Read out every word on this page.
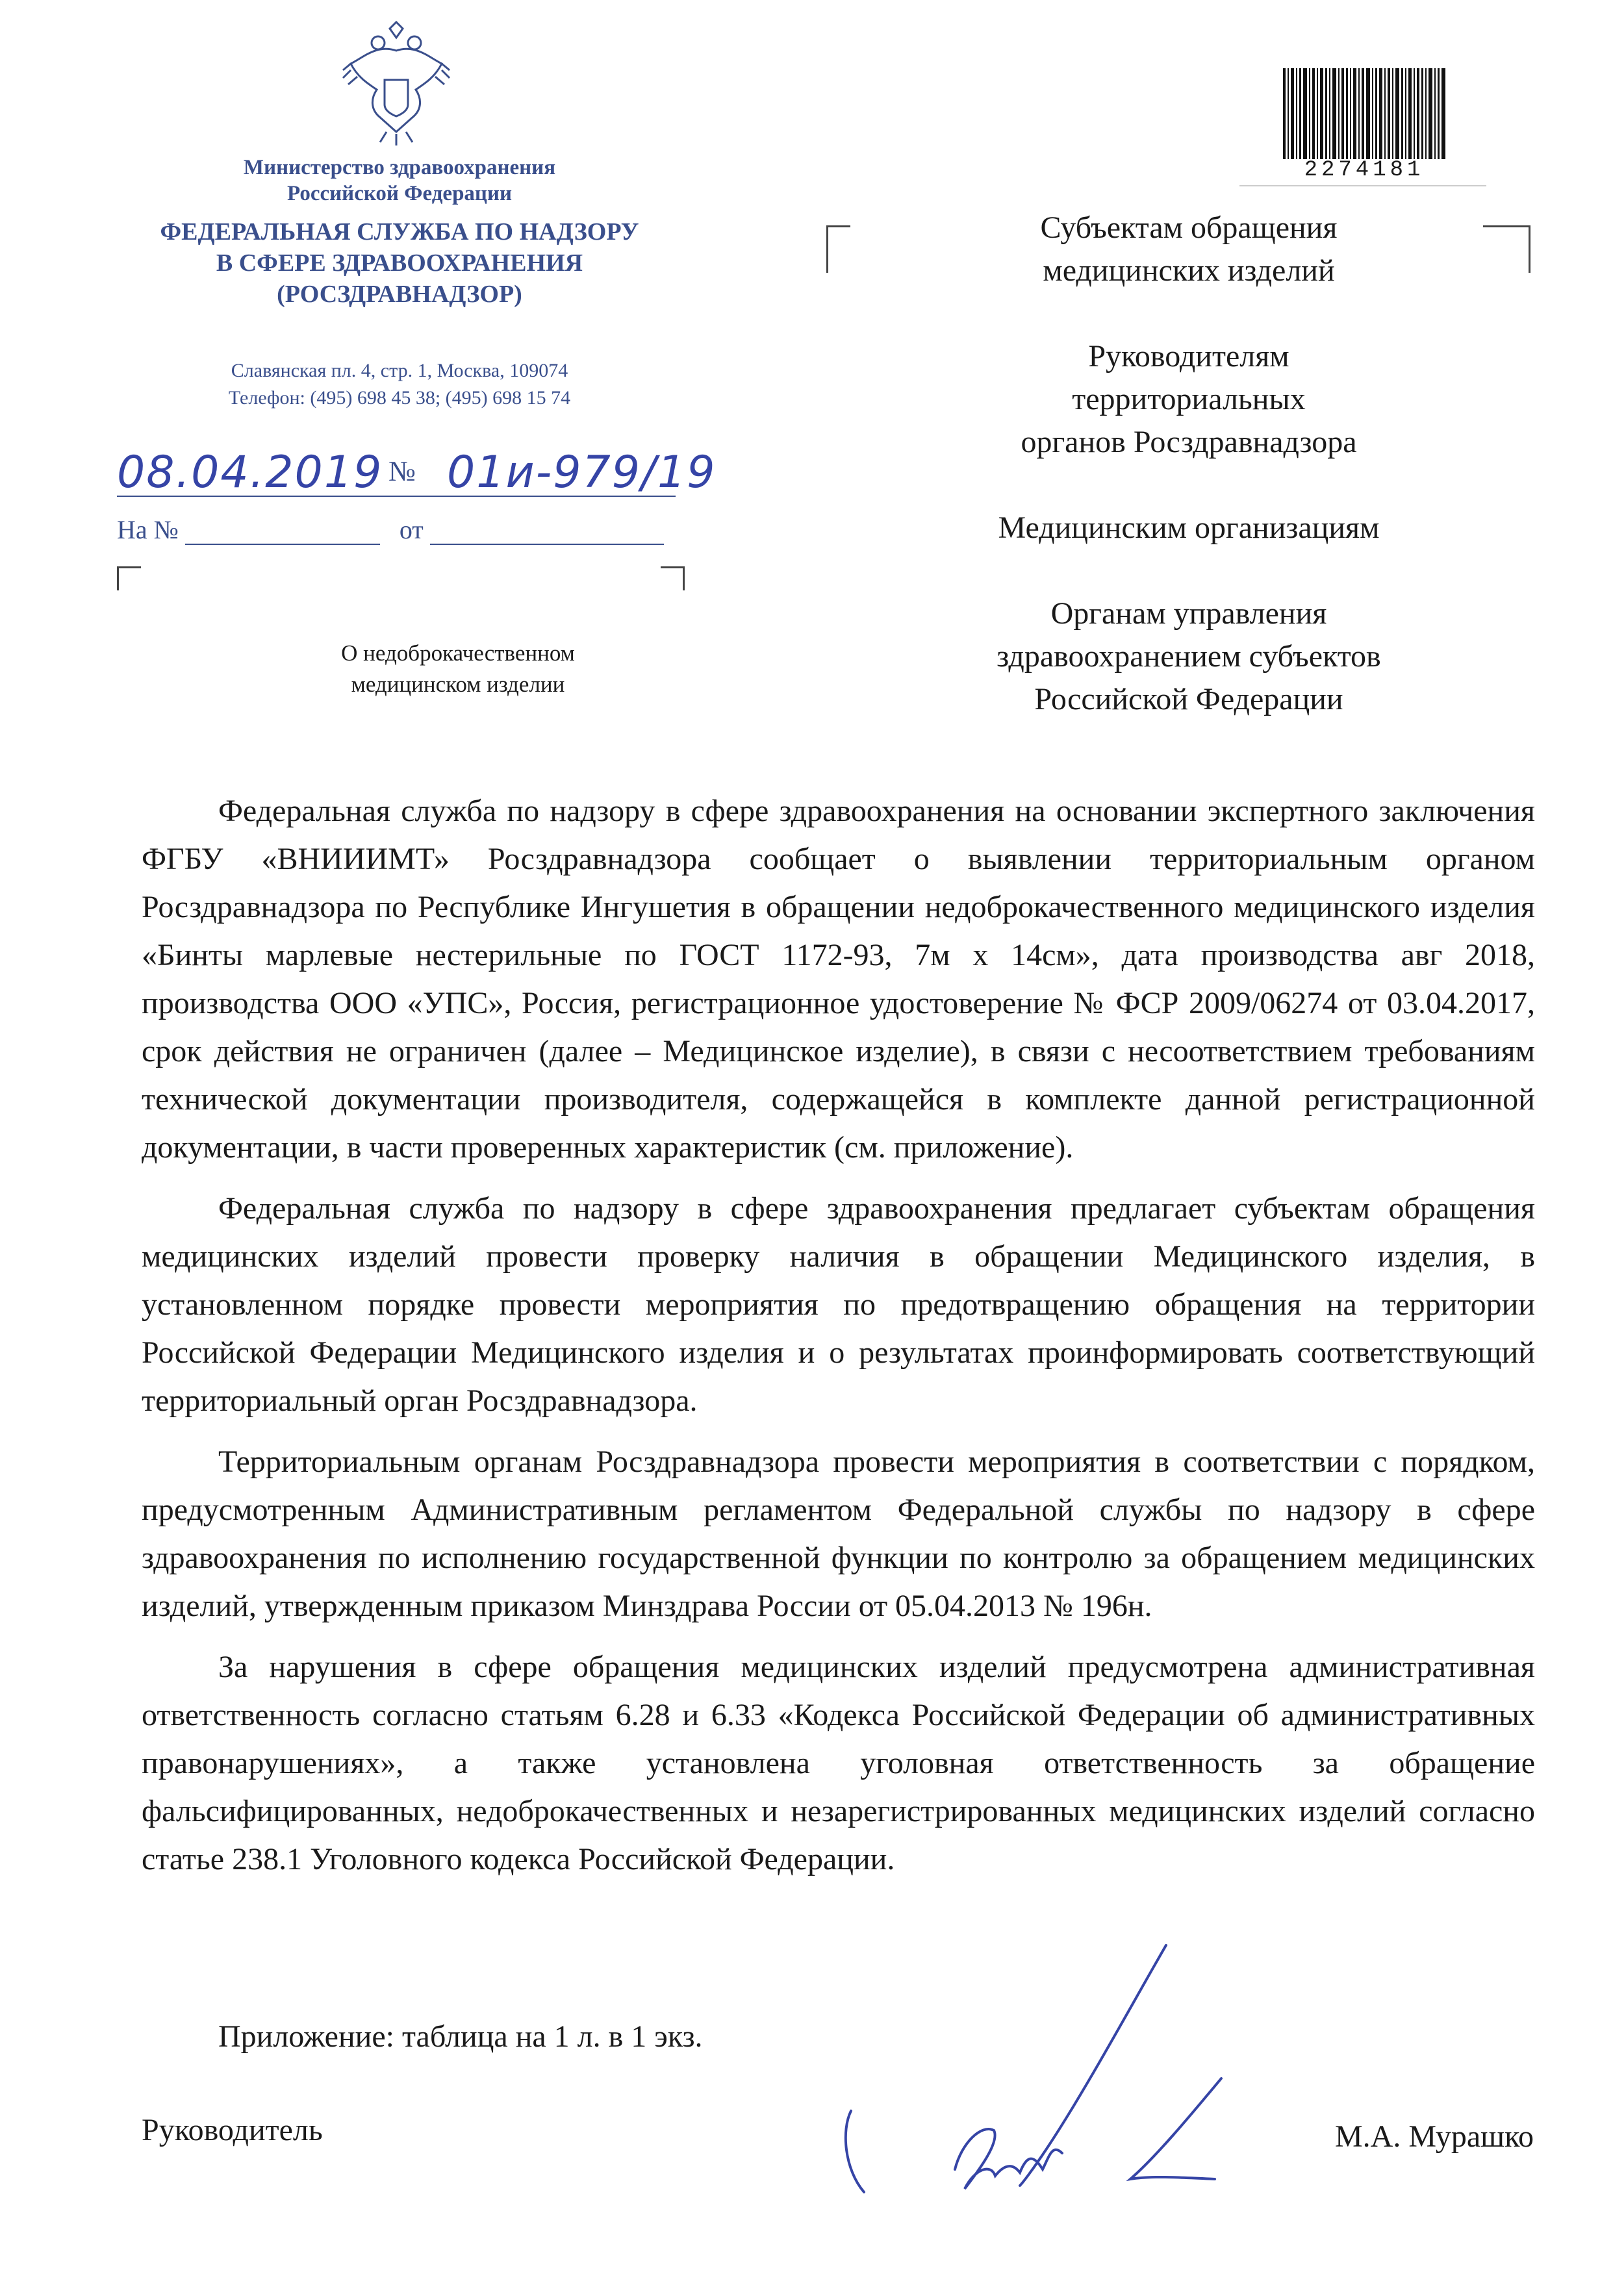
Министерство здравоохранения
Российской Федерации
ФЕДЕРАЛЬНАЯ СЛУЖБА ПО НАДЗОРУ
В СФЕРЕ ЗДРАВООХРАНЕНИЯ
(РОСЗДРАВНАДЗОР)
Славянская пл. 4, стр. 1, Москва, 109074
Телефон: (495) 698 45 38; (495) 698 15 74
08.04.2019 № 01и-979/19
На №	от
О недоброкачественном
медицинском изделии
2274181
Субъектам обращения
медицинских изделий
Руководителям
территориальных
органов Росздравнадзора
Медицинским организациям
Органам управления
здравоохранением субъектов
Российской Федерации

Федеральная служба по надзору в сфере здравоохранения на основании экспертного заключения ФГБУ «ВНИИИМТ» Росздравнадзора сообщает о выявлении территориальным органом Росздравнадзора по Республике Ингушетия в обращении недоброкачественного медицинского изделия «Бинты марлевые нестерильные по ГОСТ 1172-93, 7м х 14см», дата производства авг 2018, производства ООО «УПС», Россия, регистрационное удостоверение № ФСР 2009/06274 от 03.04.2017, срок действия не ограничен (далее – Медицинское изделие), в связи с несоответствием требованиям технической документации производителя, содержащейся в комплекте данной регистрационной документации, в части проверенных характеристик (см. приложение).

Федеральная служба по надзору в сфере здравоохранения предлагает субъектам обращения медицинских изделий провести проверку наличия в обращении Медицинского изделия, в установленном порядке провести мероприятия по предотвращению обращения на территории Российской Федерации Медицинского изделия и о результатах проинформировать соответствующий территориальный орган Росздравнадзора.

Территориальным органам Росздравнадзора провести мероприятия в соответствии с порядком, предусмотренным Административным регламентом Федеральной службы по надзору в сфере здравоохранения по исполнению государственной функции по контролю за обращением медицинских изделий, утвержденным приказом Минздрава России от 05.04.2013 № 196н.

За нарушения в сфере обращения медицинских изделий предусмотрена административная ответственность согласно статьям 6.28 и 6.33 «Кодекса Российской Федерации об административных правонарушениях», а также установлена уголовная ответственность за обращение фальсифицированных, недоброкачественных и незарегистрированных медицинских изделий согласно статье 238.1 Уголовного кодекса Российской Федерации.

Приложение: таблица на 1 л. в 1 экз.
Руководитель	М.А. Мурашко
